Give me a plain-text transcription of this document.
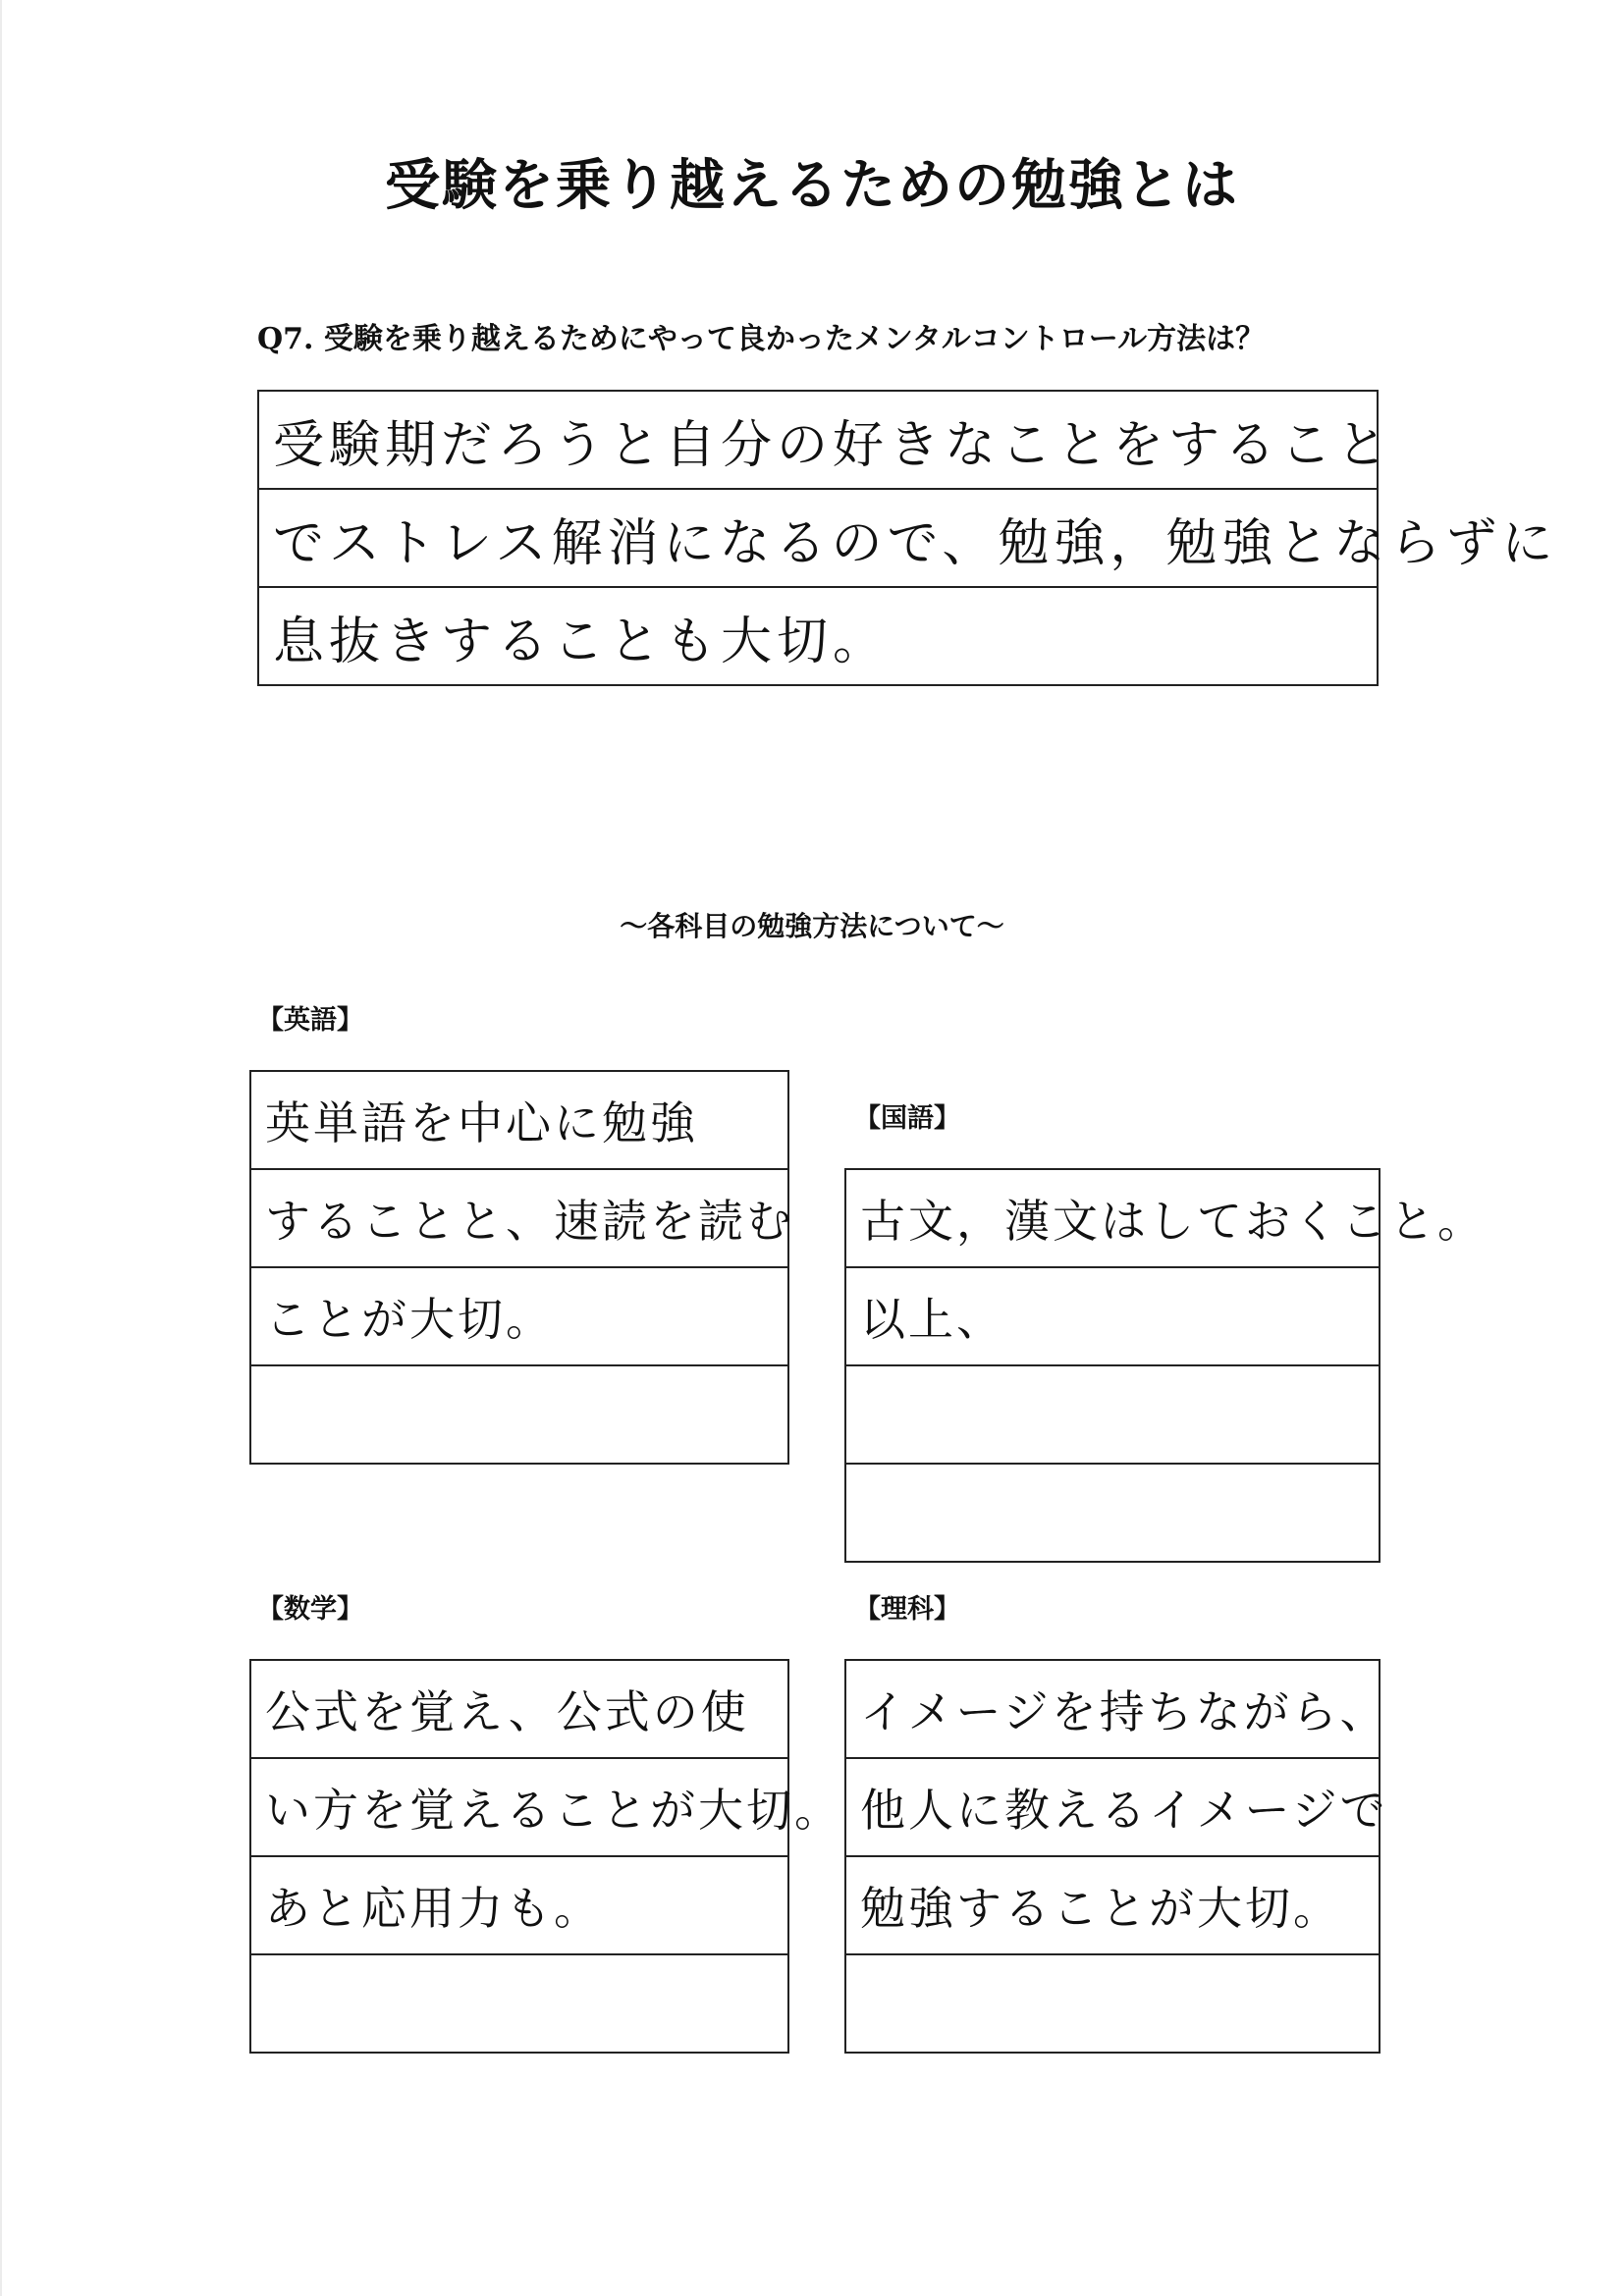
受験を乗り越えるための勉強とは
Q7. 受験を乗り越えるためにやって良かったメンタルコントロール方法は？
受験期だろうと自分の好きなことをすること
でストレス解消になるので、勉強，勉強とならずに
息抜きすることも大切。
〜各科目の勉強方法について〜
【英語】
英単語を中心に勉強
することと、速読を読む
ことが大切。
【国語】
古文，漢文はしておくこと。
以上、
【数学】
公式を覚え、公式の使
い方を覚えることが大切。
あと応用力も。
【理科】
イメージを持ちながら、
他人に教えるイメージで
勉強することが大切。
